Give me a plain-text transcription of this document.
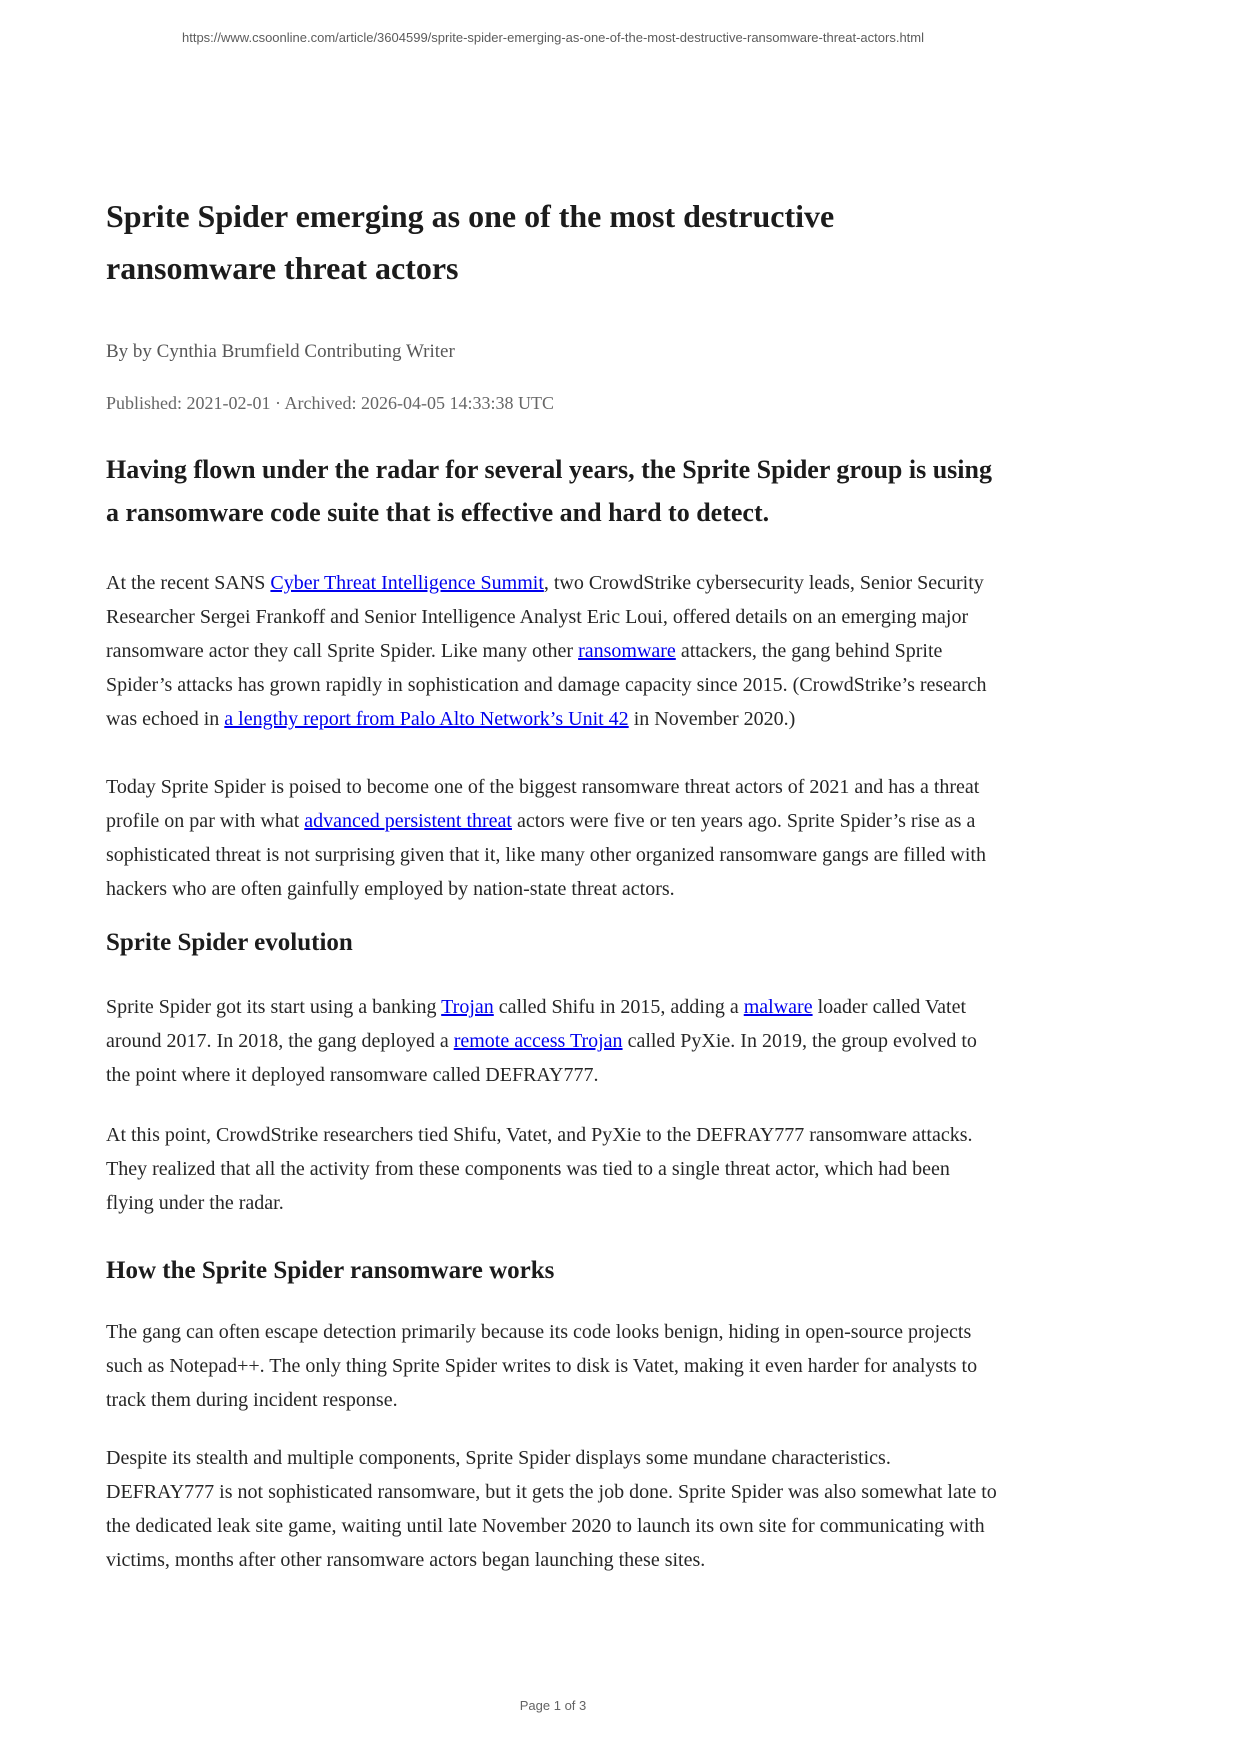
https://www.csoonline.com/article/3604599/sprite-spider-emerging-as-one-of-the-most-destructive-ransomware-threat-actors.html
Sprite Spider emerging as one of the most destructive ransomware threat actors

By by Cynthia Brumfield Contributing Writer

Published: 2021-02-01 · Archived: 2026-04-05 14:33:38 UTC

Having flown under the radar for several years, the Sprite Spider group is using a ransomware code suite that is effective and hard to detect.

At the recent SANS Cyber Threat Intelligence Summit, two CrowdStrike cybersecurity leads, Senior Security Researcher Sergei Frankoff and Senior Intelligence Analyst Eric Loui, offered details on an emerging major ransomware actor they call Sprite Spider. Like many other ransomware attackers, the gang behind Sprite Spider’s attacks has grown rapidly in sophistication and damage capacity since 2015. (CrowdStrike’s research was echoed in a lengthy report from Palo Alto Network’s Unit 42 in November 2020.)

Today Sprite Spider is poised to become one of the biggest ransomware threat actors of 2021 and has a threat profile on par with what advanced persistent threat actors were five or ten years ago. Sprite Spider’s rise as a sophisticated threat is not surprising given that it, like many other organized ransomware gangs are filled with hackers who are often gainfully employed by nation-state threat actors.

Sprite Spider evolution

Sprite Spider got its start using a banking Trojan called Shifu in 2015, adding a malware loader called Vatet around 2017. In 2018, the gang deployed a remote access Trojan called PyXie. In 2019, the group evolved to the point where it deployed ransomware called DEFRAY777.

At this point, CrowdStrike researchers tied Shifu, Vatet, and PyXie to the DEFRAY777 ransomware attacks. They realized that all the activity from these components was tied to a single threat actor, which had been flying under the radar.

How the Sprite Spider ransomware works

The gang can often escape detection primarily because its code looks benign, hiding in open-source projects such as Notepad++. The only thing Sprite Spider writes to disk is Vatet, making it even harder for analysts to track them during incident response.

Despite its stealth and multiple components, Sprite Spider displays some mundane characteristics. DEFRAY777 is not sophisticated ransomware, but it gets the job done. Sprite Spider was also somewhat late to the dedicated leak site game, waiting until late November 2020 to launch its own site for communicating with victims, months after other ransomware actors began launching these sites.

Page 1 of 3
